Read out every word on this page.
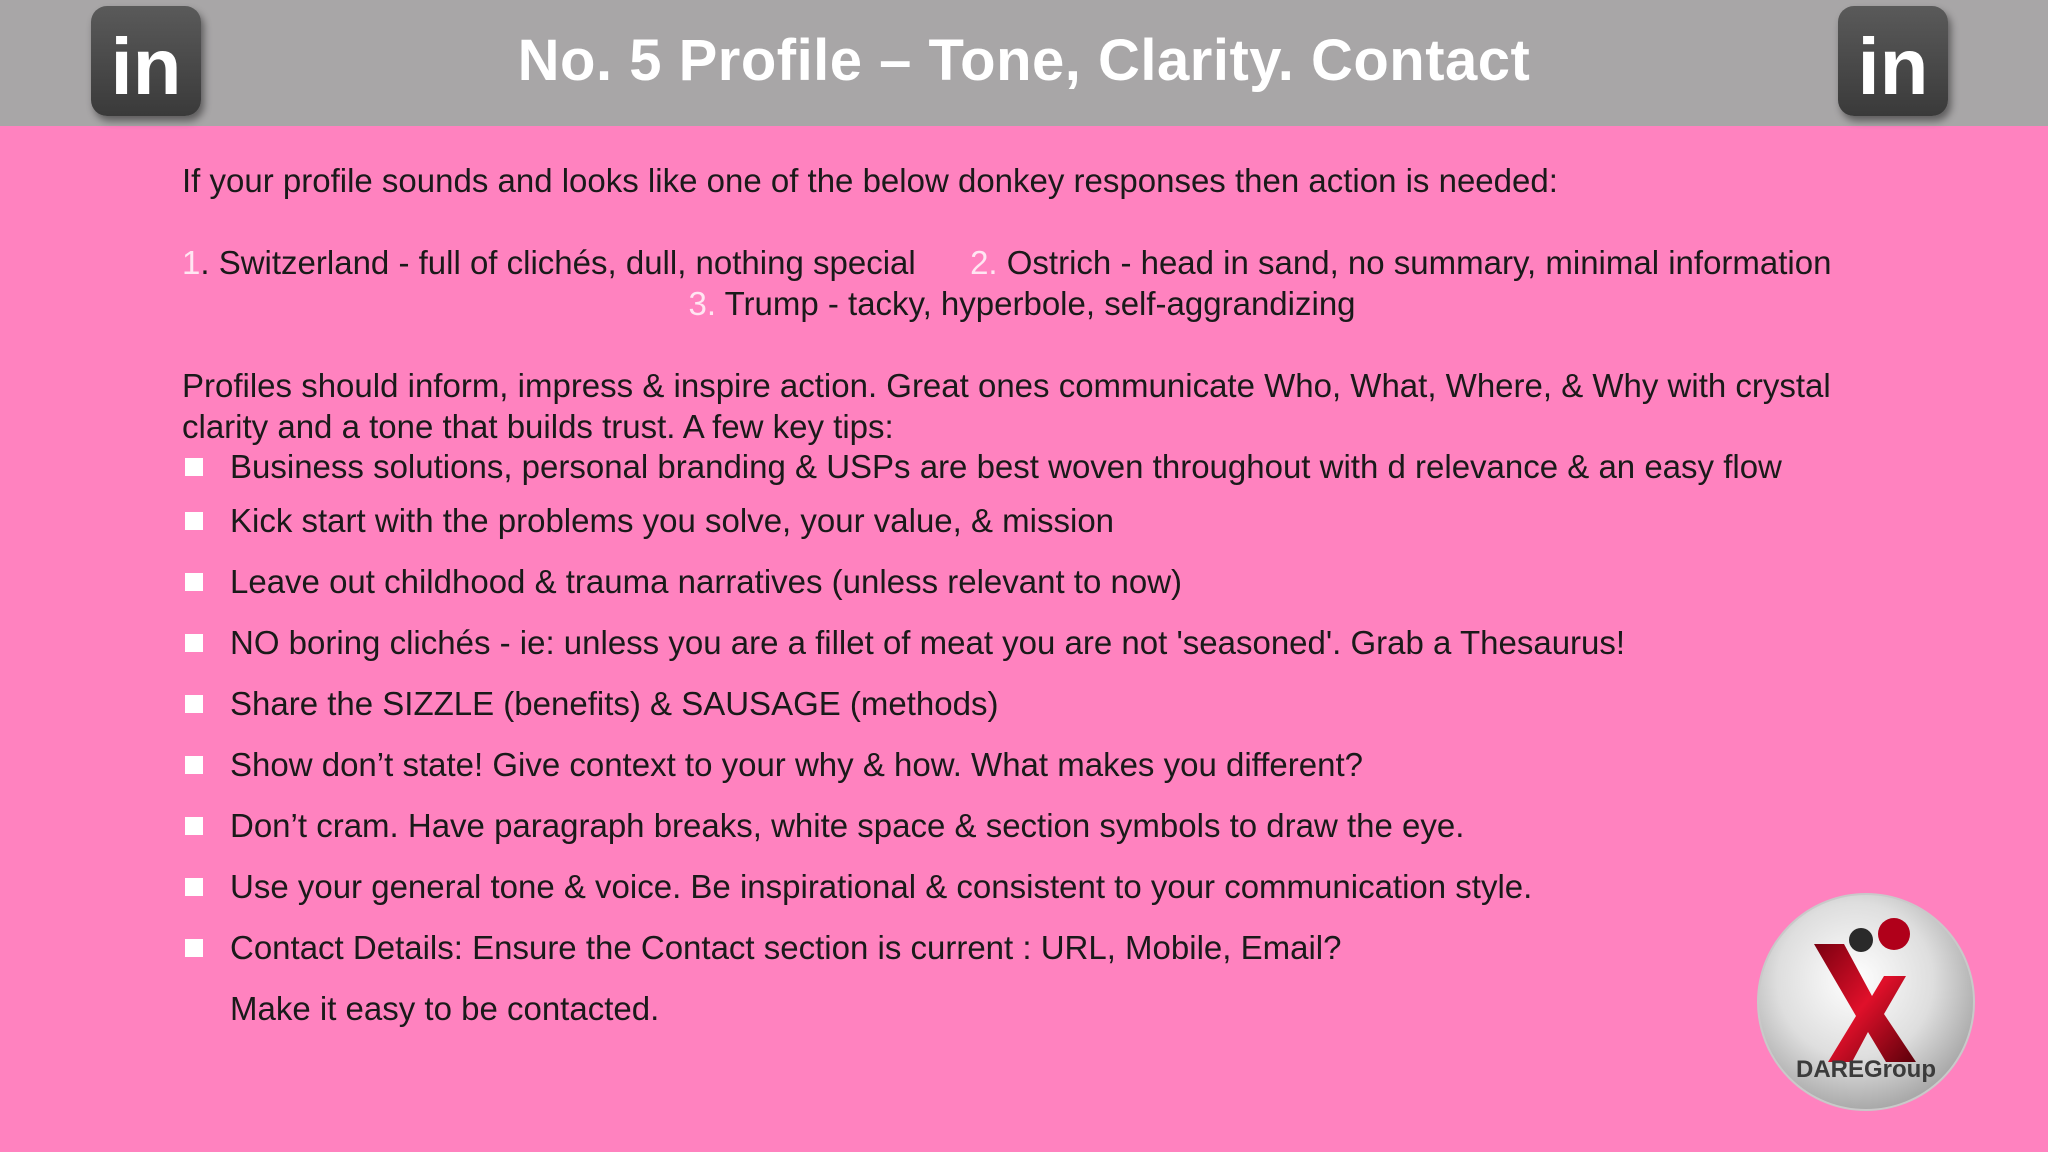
in	No. 5 Profile – Tone, Clarity. Contact	in
If your profile sounds and looks like one of the below donkey responses then action is needed:
1. Switzerland - full of clichés, dull, nothing special 2. Ostrich - head in sand, no summary, minimal information
3. Trump - tacky, hyperbole, self-aggrandizing
Profiles should inform, impress & inspire action. Great ones communicate Who, What, Where, & Why with crystal clarity and a tone that builds trust. A few key tips:
Business solutions, personal branding & USPs are best woven throughout with d relevance & an easy flow
Kick start with the problems you solve, your value, & mission
Leave out childhood & trauma narratives (unless relevant to now)
NO boring clichés - ie: unless you are a fillet of meat you are not 'seasoned'. Grab a Thesaurus!
Share the SIZZLE (benefits) & SAUSAGE (methods)
Show don’t state! Give context to your why & how. What makes you different?
Don’t cram. Have paragraph breaks, white space & section symbols to draw the eye.
Use your general tone & voice. Be inspirational & consistent to your communication style.
Contact Details: Ensure the Contact section is current : URL, Mobile, Email?
Make it easy to be contacted.
DAREGroup
